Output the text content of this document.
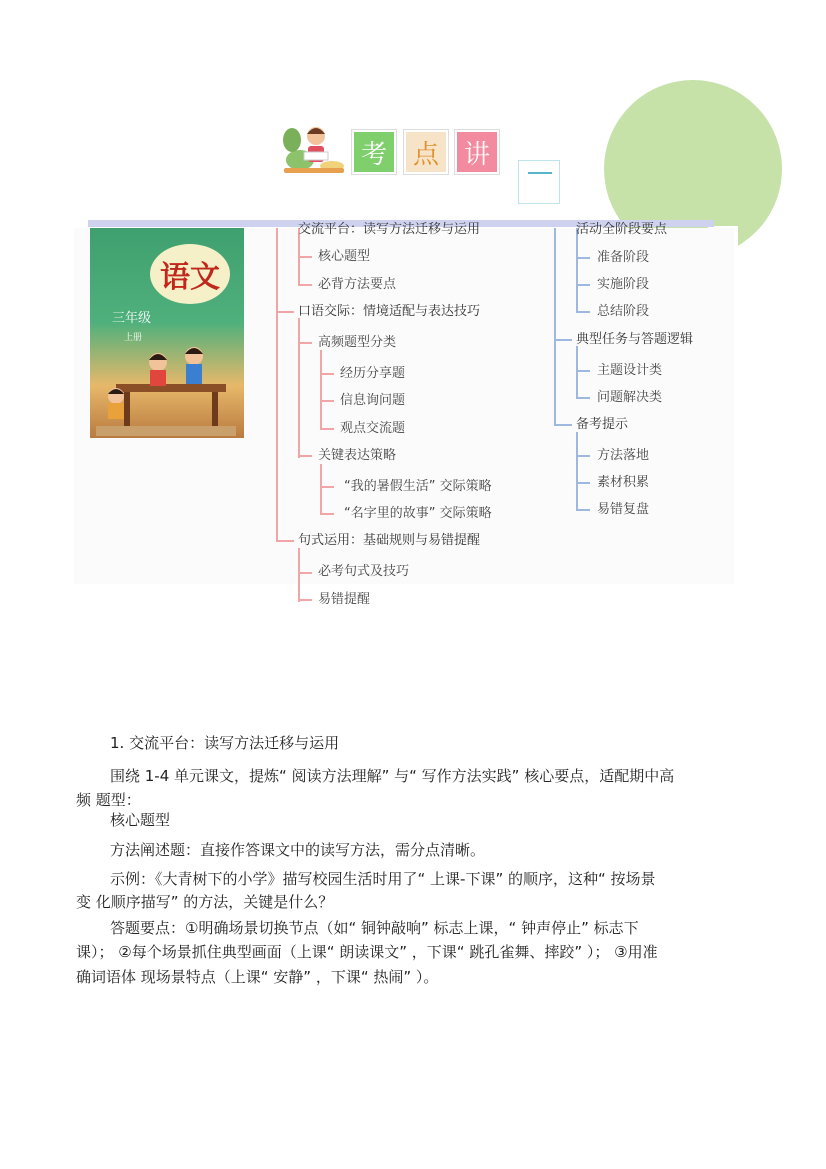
考 点 讲
语文
三年级
上册
核心题型
必背方法要点
口语交际：情境适配与表达技巧
高频题型分类
经历分享题
信息询问题
观点交流题
关键表达策略
“我的暑假生活” 交际策略
“名字里的故事” 交际策略
句式运用：基础规则与易错提醒
必考句式及技巧
易错提醒
准备阶段
实施阶段
总结阶段
典型任务与答题逻辑
主题设计类
问题解决类
备考提示
方法落地
素材积累
易错复盘
1. 交流平台：读写方法迁移与运用
围绕 1-4 单元课文，提炼“ 阅读方法理解” 与“ 写作方法实践” 核心要点，适配期中高
频 题型：
核心题型
方法阐述题：直接作答课文中的读写方法，需分点清晰。
示例：《大青树下的小学》描写校园生活时用了“ 上课-下课” 的顺序，这种“ 按场景
变 化顺序描写” 的方法，关键是什么？
答题要点：①明确场景切换节点（如“ 铜钟敲响” 标志上课，“ 钟声停止” 标志下
课）； ②每个场景抓住典型画面（上课“ 朗读课文” ，下课“ 跳孔雀舞、摔跤” ）； ③用准
确词语体 现场景特点（上课“ 安静” ，下课“ 热闹” ）。
